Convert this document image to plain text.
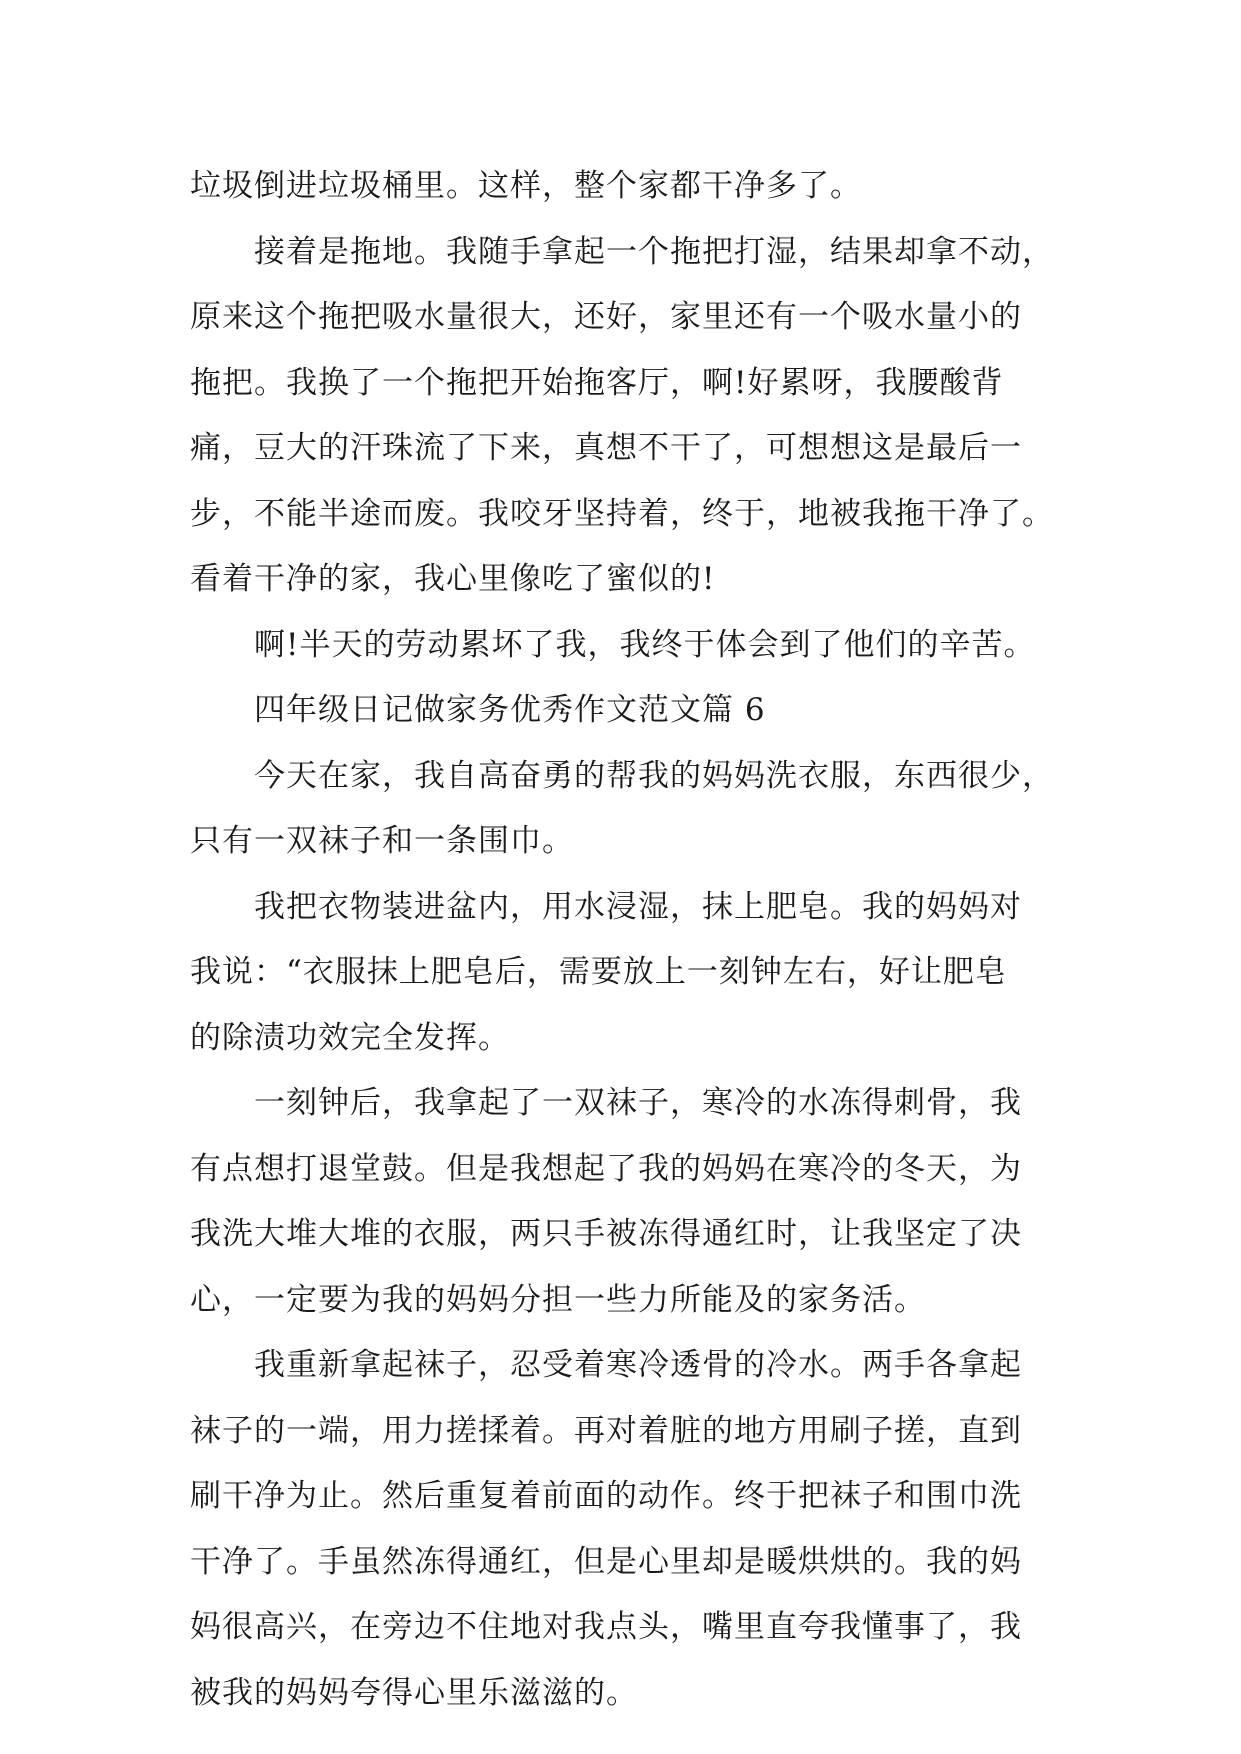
垃圾倒进垃圾桶里。这样，整个家都干净多了。
接着是拖地。我随手拿起一个拖把打湿，结果却拿不动，
原来这个拖把吸水量很大，还好，家里还有一个吸水量小的
拖把。我换了一个拖把开始拖客厅，啊!好累呀，我腰酸背
痛，豆大的汗珠流了下来，真想不干了，可想想这是最后一
步，不能半途而废。我咬牙坚持着，终于，地被我拖干净了。
看着干净的家，我心里像吃了蜜似的!
啊!半天的劳动累坏了我，我终于体会到了他们的辛苦。
四年级日记做家务优秀作文范文篇 6
今天在家，我自高奋勇的帮我的妈妈洗衣服，东西很少，
只有一双袜子和一条围巾。
我把衣物装进盆内，用水浸湿，抹上肥皂。我的妈妈对
我说：“衣服抹上肥皂后，需要放上一刻钟左右，好让肥皂
的除渍功效完全发挥。
一刻钟后，我拿起了一双袜子，寒冷的水冻得刺骨，我
有点想打退堂鼓。但是我想起了我的妈妈在寒冷的冬天，为
我洗大堆大堆的衣服，两只手被冻得通红时，让我坚定了决
心，一定要为我的妈妈分担一些力所能及的家务活。
我重新拿起袜子，忍受着寒冷透骨的冷水。两手各拿起
袜子的一端，用力搓揉着。再对着脏的地方用刷子搓，直到
刷干净为止。然后重复着前面的动作。终于把袜子和围巾洗
干净了。手虽然冻得通红，但是心里却是暖烘烘的。我的妈
妈很高兴，在旁边不住地对我点头，嘴里直夸我懂事了，我
被我的妈妈夸得心里乐滋滋的。
